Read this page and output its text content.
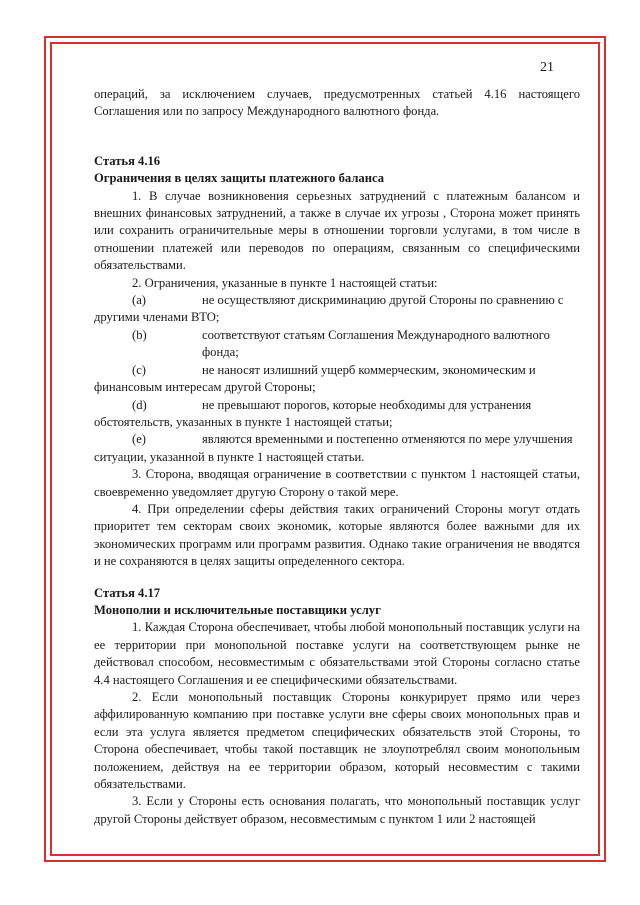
21

операций, за исключением случаев, предусмотренных статьей 4.16 настоящего Соглашения или по запросу Международного валютного фонда.

Статья 4.16

Ограничения в целях защиты платежного баланса

1. В случае возникновения серьезных затруднений с платежным балансом и внешних финансовых затруднений, а также в случае их угрозы , Сторона может принять или сохранить ограничительные меры в отношении торговли услугами, в том числе в отношении платежей или переводов по операциям, связанным со специфическими обязательствами.

2. Ограничения, указанные в пункте 1 настоящей статьи:

(a)	не осуществляют дискриминацию другой Стороны по сравнению с

другими членами ВТО;

(b)	соответствуют статьям Соглашения Международного валютного фонда;
(c)	не наносят излишний ущерб коммерческим, экономическим и

финансовым интересам другой Стороны;

(d)	не превышают порогов, которые необходимы для устранения

обстоятельств, указанных в пункте 1 настоящей статьи;

(e)	являются временными и постепенно отменяются по мере улучшения

ситуации, указанной в пункте 1 настоящей статьи.

3. Сторона, вводящая ограничение в соответствии с пунктом 1 настоящей статьи, своевременно уведомляет другую Сторону о такой мере.

4. При определении сферы действия таких ограничений Стороны могут отдать приоритет тем секторам своих экономик, которые являются более важными для их экономических программ или программ развития. Однако такие ограничения не вводятся и не сохраняются в целях защиты определенного сектора.

Статья 4.17

Монополии и исключительные поставщики услуг

1. Каждая Сторона обеспечивает, чтобы любой монопольный поставщик услуги на ее территории при монопольной поставке услуги на соответствующем рынке не действовал способом, несовместимым с обязательствами этой Стороны согласно статье 4.4 настоящего Соглашения и ее специфическими обязательствами.

2. Если монопольный поставщик Стороны конкурирует прямо или через аффилированную компанию при поставке услуги вне сферы своих монопольных прав и если эта услуга является предметом специфических обязательств этой Стороны, то Сторона обеспечивает, чтобы такой поставщик не злоупотреблял своим монопольным положением, действуя на ее территории образом, который несовместим с такими обязательствами.

3. Если у Стороны есть основания полагать, что монопольный поставщик услуг другой Стороны действует образом, несовместимым с пунктом 1 или 2 настоящей
